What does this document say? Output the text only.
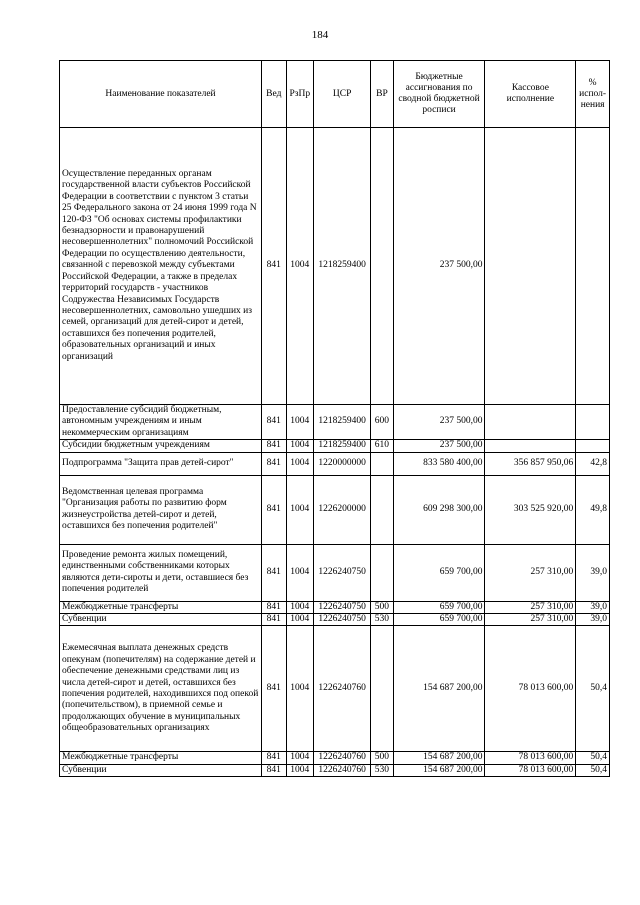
184
Наименование показателей	Вед	РзПр	ЦСР	ВР	Бюджетные ассигнования по сводной бюджетной росписи	Кассовое исполнение	% испол-нения
Осуществление переданных органам государственной власти субъектов Российской Федерации в соответствии с пунктом 3 статьи 25 Федерального закона от 24 июня 1999 года N 120-ФЗ "Об основах системы профилактики безнадзорности и правонарушений несовершеннолетних" полномочий Российской Федерации по осуществлению деятельности, связанной с перевозкой между субъектами Российской Федерации, а также в пределах территорий государств - участников Содружества Независимых Государств несовершеннолетних, самовольно ушедших из семей, организаций для детей-сирот и детей, оставшихся без попечения родителей, образовательных организаций и иных организаций	841	1004	1218259400		237 500,00		
Предоставление субсидий бюджетным, автономным учреждениям и иным некоммерческим организациям	841	1004	1218259400	600	237 500,00		
Субсидии бюджетным учреждениям	841	1004	1218259400	610	237 500,00		
Подпрограмма "Защита прав детей-сирот"	841	1004	1220000000		833 580 400,00	356 857 950,06	42,8
Ведомственная целевая программа "Организация работы по развитию форм жизнеустройства детей-сирот и детей, оставшихся без попечения родителей"	841	1004	1226200000		609 298 300,00	303 525 920,00	49,8
Проведение ремонта жилых помещений, единственными собственниками которых являются дети-сироты и дети, оставшиеся без попечения родителей	841	1004	1226240750		659 700,00	257 310,00	39,0
Межбюджетные трансферты	841	1004	1226240750	500	659 700,00	257 310,00	39,0
Субвенции	841	1004	1226240750	530	659 700,00	257 310,00	39,0
Ежемесячная выплата денежных средств опекунам (попечителям) на содержание детей и обеспечение денежными средствами лиц из числа детей-сирот и детей, оставшихся без попечения родителей, находившихся под опекой (попечительством), в приемной семье и продолжающих обучение в муниципальных общеобразовательных организациях	841	1004	1226240760		154 687 200,00	78 013 600,00	50,4
Межбюджетные трансферты	841	1004	1226240760	500	154 687 200,00	78 013 600,00	50,4
Субвенции	841	1004	1226240760	530	154 687 200,00	78 013 600,00	50,4
